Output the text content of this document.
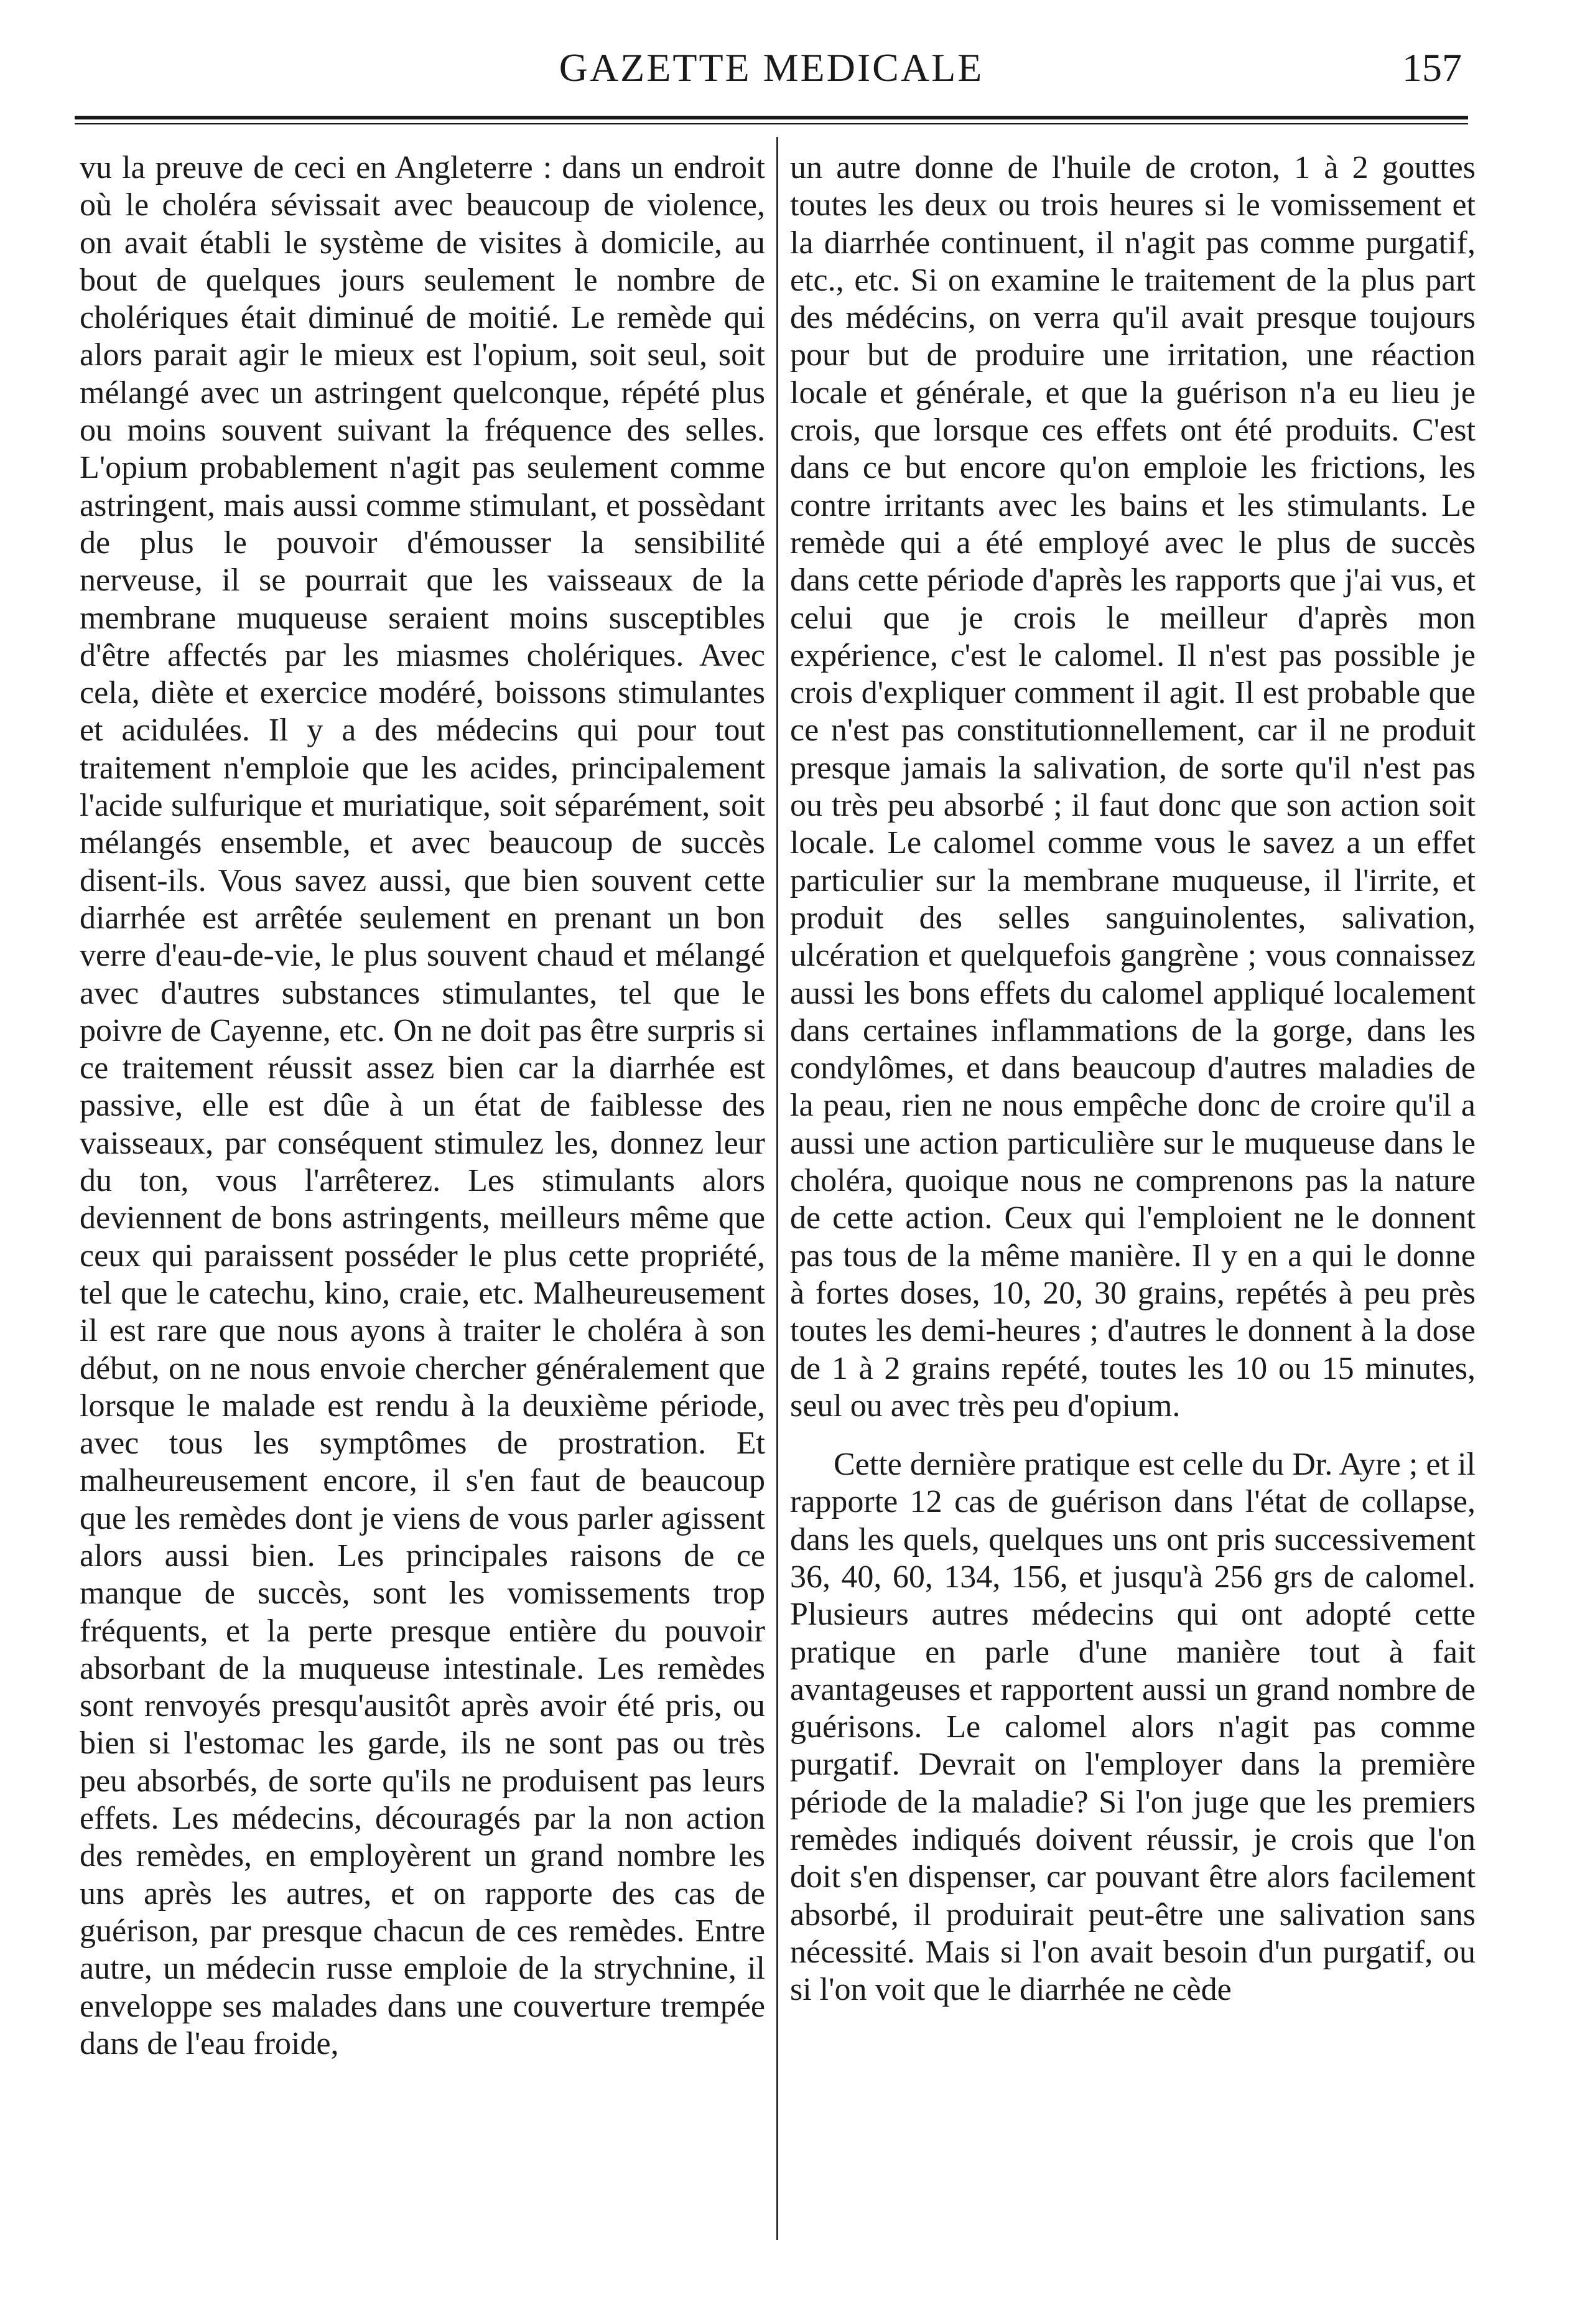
GAZETTE MEDICALE	157

vu la preuve de ceci en Angleterre : dans un endroit où le choléra sévissait avec beaucoup de violence, on avait établi le système de visites à domicile, au bout de quelques jours seulement le nombre de cholériques était diminué de moitié. Le remède qui alors parait agir le mieux est l'opium, soit seul, soit mélangé avec un astringent quelconque, répété plus ou moins souvent suivant la fréquence des selles. L'opium probablement n'agit pas seulement comme astringent, mais aussi comme stimulant, et possèdant de plus le pouvoir d'émousser la sensibilité nerveuse, il se pourrait que les vaisseaux de la membrane muqueuse seraient moins susceptibles d'être affectés par les miasmes cholériques. Avec cela, diète et exercice modéré, boissons stimulantes et acidulées. Il y a des médecins qui pour tout traitement n'emploie que les acides, principalement l'acide sulfurique et muriatique, soit séparément, soit mélangés ensemble, et avec beaucoup de succès disent-ils. Vous savez aussi, que bien souvent cette diarrhée est arrêtée seulement en prenant un bon verre d'eau-de-vie, le plus souvent chaud et mélangé avec d'autres substances stimulantes, tel que le poivre de Cayenne, etc. On ne doit pas être surpris si ce traitement réussit assez bien car la diarrhée est passive, elle est dûe à un état de faiblesse des vaisseaux, par conséquent stimulez les, donnez leur du ton, vous l'arrêterez. Les stimulants alors deviennent de bons astringents, meilleurs même que ceux qui paraissent posséder le plus cette propriété, tel que le catechu, kino, craie, etc. Malheureusement il est rare que nous ayons à traiter le choléra à son début, on ne nous envoie chercher généralement que lorsque le malade est rendu à la deuxième période, avec tous les symptômes de prostration. Et malheureusement encore, il s'en faut de beaucoup que les remèdes dont je viens de vous parler agissent alors aussi bien. Les principales raisons de ce manque de succès, sont les vomissements trop fréquents, et la perte presque entière du pouvoir absorbant de la muqueuse intestinale. Les remèdes sont renvoyés presqu'ausitôt après avoir été pris, ou bien si l'estomac les garde, ils ne sont pas ou très peu absorbés, de sorte qu'ils ne produisent pas leurs effets. Les médecins, découragés par la non action des remèdes, en employèrent un grand nombre les uns après les autres, et on rapporte des cas de guérison, par presque chacun de ces remèdes. Entre autre, un médecin russe emploie de la strychnine, il enveloppe ses malades dans une couverture trempée dans de l'eau froide,

un autre donne de l'huile de croton, 1 à 2 gouttes toutes les deux ou trois heures si le vomissement et la diarrhée continuent, il n'agit pas comme purgatif, etc., etc. Si on examine le traitement de la plus part des médécins, on verra qu'il avait presque toujours pour but de produire une irritation, une réaction locale et générale, et que la guérison n'a eu lieu je crois, que lorsque ces effets ont été produits. C'est dans ce but encore qu'on emploie les frictions, les contre irritants avec les bains et les stimulants. Le remède qui a été employé avec le plus de succès dans cette période d'après les rapports que j'ai vus, et celui que je crois le meilleur d'après mon expérience, c'est le calomel. Il n'est pas possible je crois d'expliquer comment il agit. Il est probable que ce n'est pas constitutionnellement, car il ne produit presque jamais la salivation, de sorte qu'il n'est pas ou très peu absorbé ; il faut donc que son action soit locale. Le calomel comme vous le savez a un effet particulier sur la membrane muqueuse, il l'irrite, et produit des selles sanguinolentes, salivation, ulcération et quelquefois gangrène ; vous connaissez aussi les bons effets du calomel appliqué localement dans certaines inflammations de la gorge, dans les condylômes, et dans beaucoup d'autres maladies de la peau, rien ne nous empêche donc de croire qu'il a aussi une action particulière sur le muqueuse dans le choléra, quoique nous ne comprenons pas la nature de cette action. Ceux qui l'emploient ne le donnent pas tous de la même manière. Il y en a qui le donne à fortes doses, 10, 20, 30 grains, repétés à peu près toutes les demi-heures ; d'autres le donnent à la dose de 1 à 2 grains repété, toutes les 10 ou 15 minutes, seul ou avec très peu d'opium.

Cette dernière pratique est celle du Dr. Ayre ; et il rapporte 12 cas de guérison dans l'état de collapse, dans les quels, quelques uns ont pris successivement 36, 40, 60, 134, 156, et jusqu'à 256 grs de calomel. Plusieurs autres médecins qui ont adopté cette pratique en parle d'une manière tout à fait avantageuses et rapportent aussi un grand nombre de guérisons. Le calomel alors n'agit pas comme purgatif. Devrait on l'employer dans la première période de la maladie? Si l'on juge que les premiers remèdes indiqués doivent réussir, je crois que l'on doit s'en dispenser, car pouvant être alors facilement absorbé, il produirait peut-être une salivation sans nécessité. Mais si l'on avait besoin d'un purgatif, ou si l'on voit que le diarrhée ne cède
